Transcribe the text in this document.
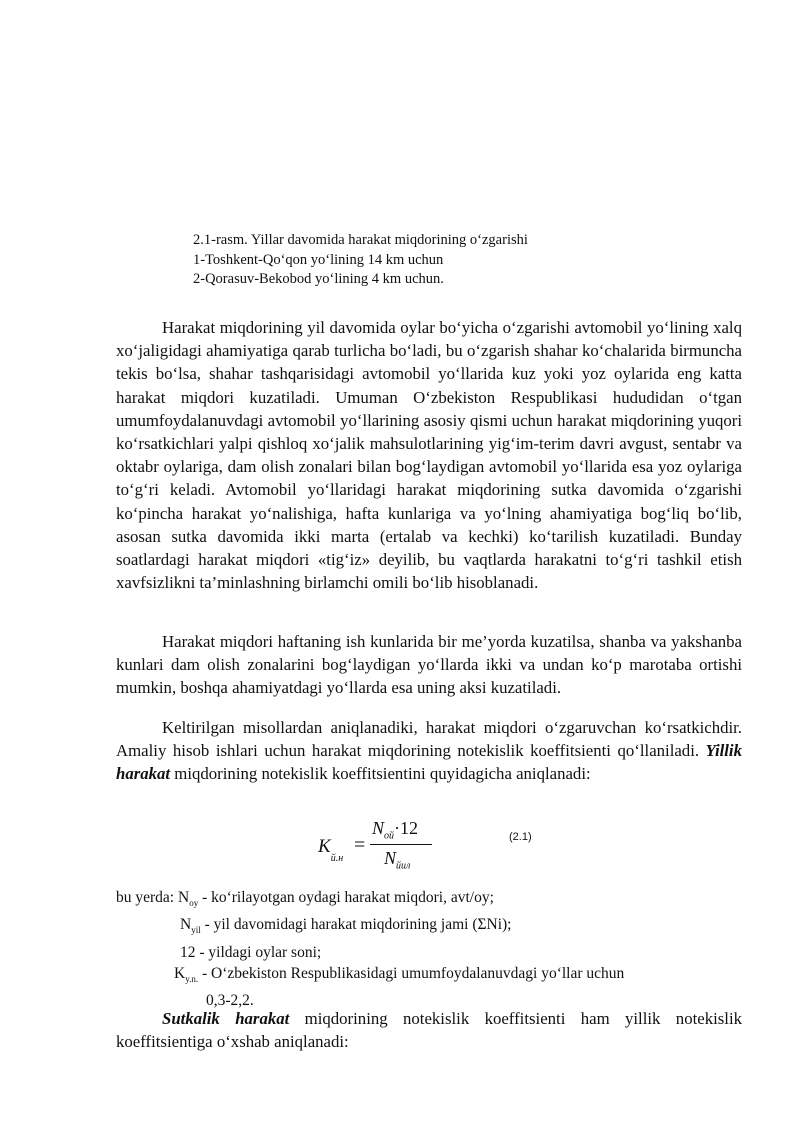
2.1-rasm. Yillar davomida harakat miqdorining o‘zgarishi
1-Toshkent-Qo‘qon yo‘lining 14 km uchun
2-Qorasuv-Bekobod yo‘lining 4 km uchun.

Harakat miqdorining yil davomida oylar bo‘yicha o‘zgarishi avtomobil yo‘lining xalq xo‘jaligidagi ahamiyatiga qarab turlicha bo‘ladi, bu o‘zgarish shahar ko‘chalarida birmuncha tekis bo‘lsa, shahar tashqarisidagi avtomobil yo‘llarida kuz yoki yoz oylarida eng katta harakat miqdori kuzatiladi. Umuman O‘zbekiston Respublikasi hududidan o‘tgan umumfoydalanuvdagi avtomobil yo‘llarining asosiy qismi uchun harakat miqdorining yuqori ko‘rsatkichlari yalpi qishloq xo‘jalik mahsulotlarining yig‘im-terim davri avgust, sentabr va oktabr oylariga, dam olish zonalari bilan bog‘laydigan avtomobil yo‘llarida esa yoz oylariga to‘g‘ri keladi. Avtomobil yo‘llaridagi harakat miqdorining sutka davomida o‘zgarishi ko‘pincha harakat yo‘nalishiga, hafta kunlariga va yo‘lning ahamiyatiga bog‘liq bo‘lib, asosan sutka davomida ikki marta (ertalab va kechki) ko‘tarilish kuzatiladi. Bunday soatlardagi harakat miqdori «tig‘iz» deyilib, bu vaqtlarda harakatni to‘g‘ri tashkil etish xavfsizlikni ta’minlashning birlamchi omili bo‘lib hisoblanadi.

Harakat miqdori haftaning ish kunlarida bir me’yorda kuzatilsa, shanba va yakshanba kunlari dam olish zonalarini bog‘laydigan yo‘llarda ikki va undan ko‘p marotaba ortishi mumkin, boshqa ahamiyatdagi yo‘llarda esa uning aksi kuzatiladi.

Keltirilgan misollardan aniqlanadiki, harakat miqdori o‘zgaruvchan ko‘rsatkichdir. Amaliy hisob ishlari uchun harakat miqdorining notekislik koeffitsienti qo‘llaniladi. Yillik harakat miqdorining notekislik koeffitsientini quyidagicha aniqlanadi:

$K_{й.н}$
=
$N_{ой}\cdot 12$
$N_{йил}$
(2.1)
bu yerda: $N_{oy}$ - ko‘rilayotgan oydagi harakat miqdori, avt/oy;
$N_{yil}$ - yil davomidagi harakat miqdorining jami (ΣNi);
12 - yildagi oylar soni;
$K_{y.n.}$ - O‘zbekiston Respublikasidagi umumfoydalanuvdagi yo‘llar uchun
0,3-2,2.

Sutkalik harakat miqdorining notekislik koeffitsienti ham yillik notekislik koeffitsientiga o‘xshab aniqlanadi:
